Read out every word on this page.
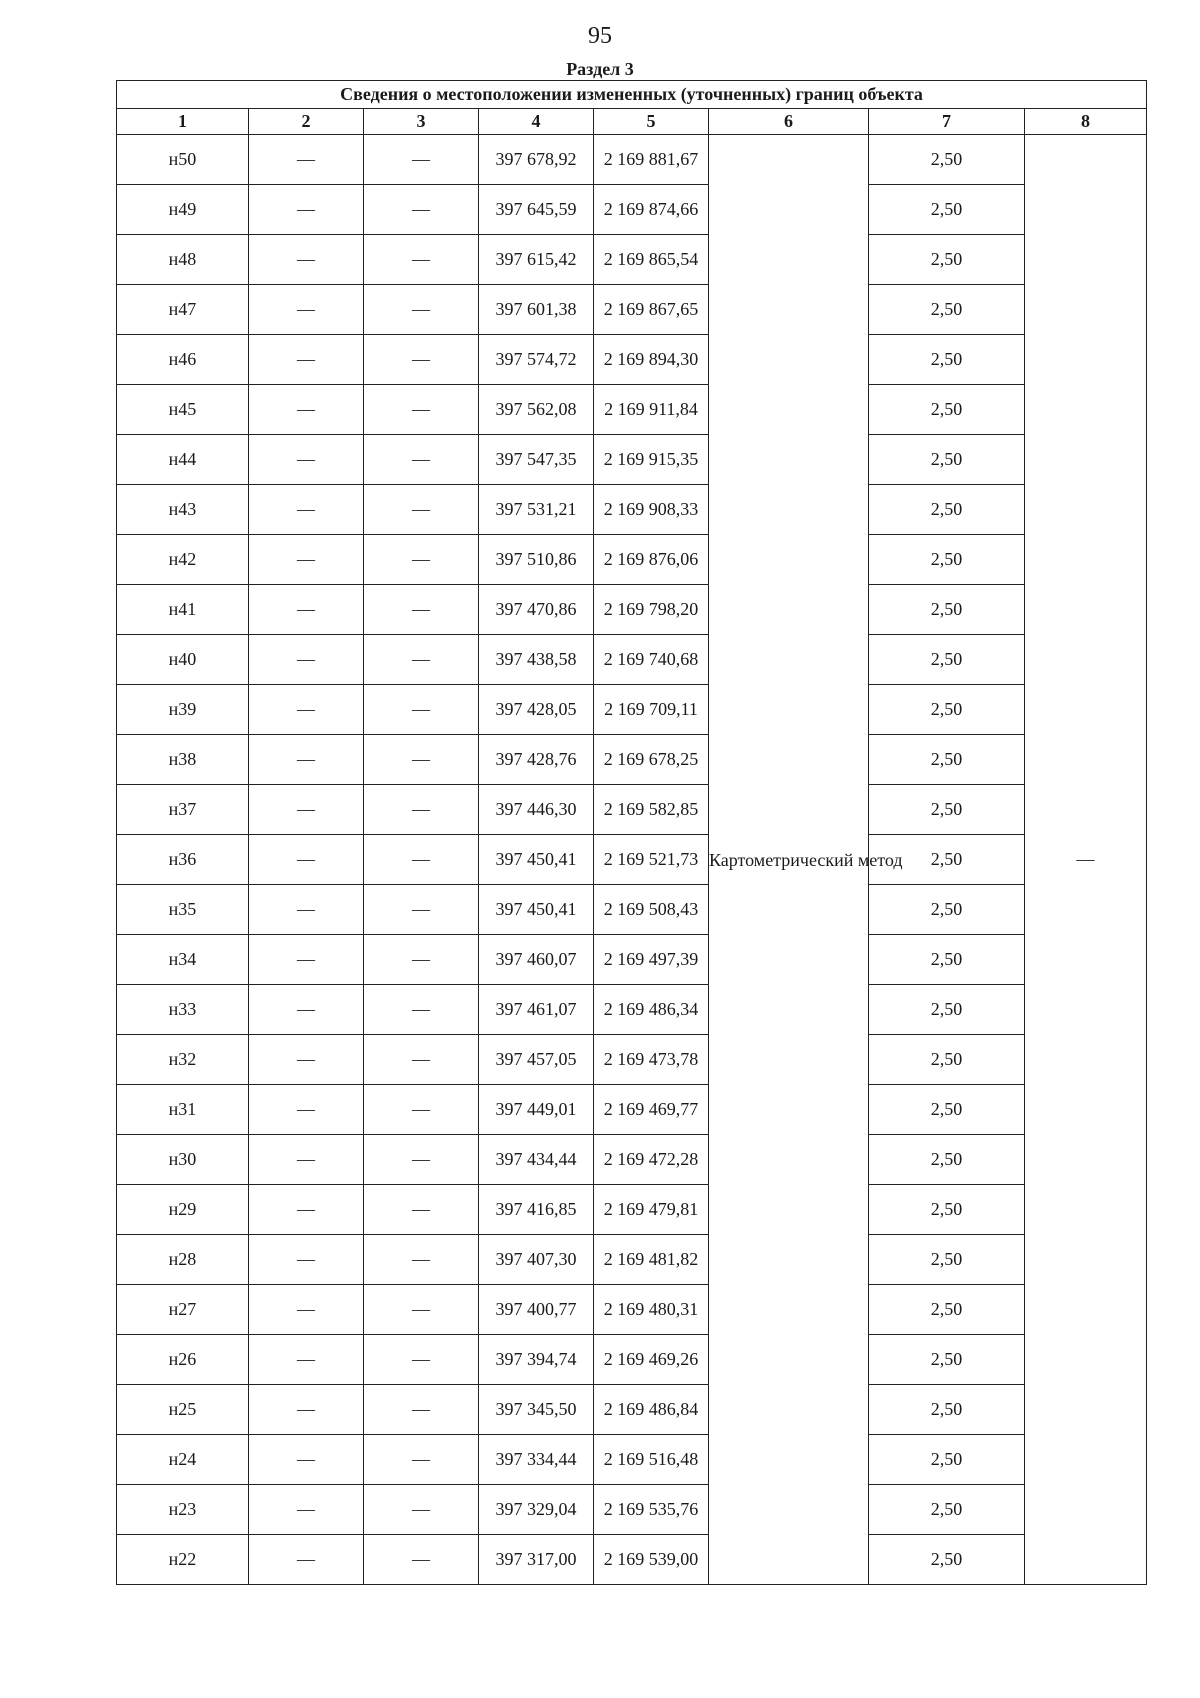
95
Раздел 3
Сведения о местоположении измененных (уточненных) границ объекта							
1	2	3	4	5	6	7	8
н50	—	—	397 678,92	2 169 881,67	Картометрический метод	2,50	—
н49	—	—	397 645,59	2 169 874,66		2,50	
н48	—	—	397 615,42	2 169 865,54		2,50	
н47	—	—	397 601,38	2 169 867,65		2,50	
н46	—	—	397 574,72	2 169 894,30		2,50	
н45	—	—	397 562,08	2 169 911,84		2,50	
н44	—	—	397 547,35	2 169 915,35		2,50	
н43	—	—	397 531,21	2 169 908,33		2,50	
н42	—	—	397 510,86	2 169 876,06		2,50	
н41	—	—	397 470,86	2 169 798,20		2,50	
н40	—	—	397 438,58	2 169 740,68		2,50	
н39	—	—	397 428,05	2 169 709,11		2,50	
н38	—	—	397 428,76	2 169 678,25		2,50	
н37	—	—	397 446,30	2 169 582,85		2,50	
н36	—	—	397 450,41	2 169 521,73		2,50	
н35	—	—	397 450,41	2 169 508,43		2,50	
н34	—	—	397 460,07	2 169 497,39		2,50	
н33	—	—	397 461,07	2 169 486,34		2,50	
н32	—	—	397 457,05	2 169 473,78		2,50	
н31	—	—	397 449,01	2 169 469,77		2,50	
н30	—	—	397 434,44	2 169 472,28		2,50	
н29	—	—	397 416,85	2 169 479,81		2,50	
н28	—	—	397 407,30	2 169 481,82		2,50	
н27	—	—	397 400,77	2 169 480,31		2,50	
н26	—	—	397 394,74	2 169 469,26		2,50	
н25	—	—	397 345,50	2 169 486,84		2,50	
н24	—	—	397 334,44	2 169 516,48		2,50	
н23	—	—	397 329,04	2 169 535,76		2,50	
н22	—	—	397 317,00	2 169 539,00		2,50	
